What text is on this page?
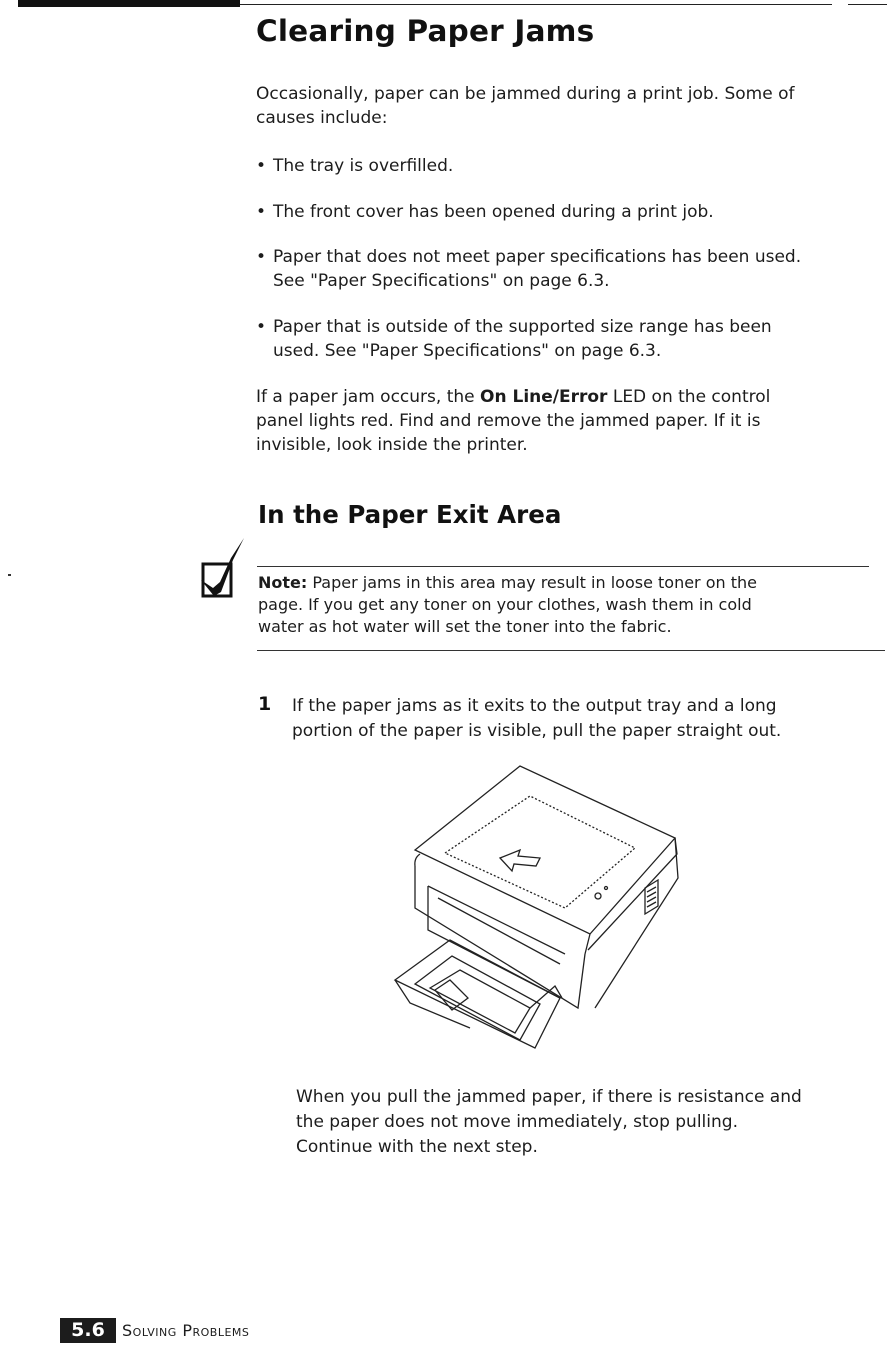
Clearing Paper Jams

Occasionally, paper can be jammed during a print job. Some of

causes include:

• The tray is overfilled.
• The front cover has been opened during a print job.
• Paper that does not meet paper specifications has been used.
See "Paper Specifications" on page 6.3.
• Paper that is outside of the supported size range has been
used. See "Paper Specifications" on page 6.3.

If a paper jam occurs, the On Line/Error LED on the control
panel lights red. Find and remove the jammed paper. If it is
invisible, look inside the printer.

In the Paper Exit Area

Note: Paper jams in this area may result in loose toner on the
page. If you get any toner on your clothes, wash them in cold
water as hot water will set the toner into the fabric.

1 If the paper jams as it exits to the output tray and a long
portion of the paper is visible, pull the paper straight out.

When you pull the jammed paper, if there is resistance and
the paper does not move immediately, stop pulling.
Continue with the next step.

5.6	Solving Problems
